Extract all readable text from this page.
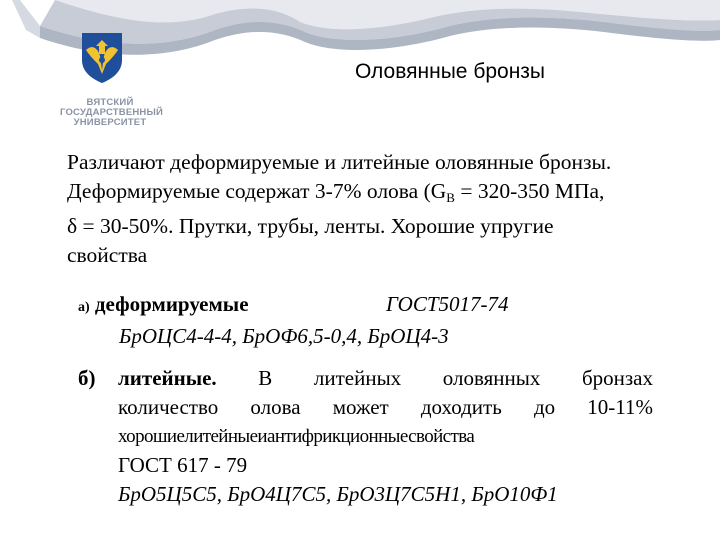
ВЯТСКИЙ
ГОСУДАРСТВЕННЫЙ
УНИВЕРСИТЕТ
Оловянные бронзы
Различают деформируемые и литейные оловянные бронзы.
Деформируемые содержат 3-7% олова ($G_B = 320-350$ МПа,
δ = 30-50%. Прутки, трубы, ленты. Хорошие упругие
свойства
а) деформируемые	ГОСТ5017-74
БрОЦС4-4-4, БрОФ6,5-0,4, БрОЦ4-3
б) литейные. В литейных оловянных бронзах
количество олова может доходить до 10-11%
хорошиелитейныеиантифрикционныесвойства
ГОСТ 617 - 79
БрО5Ц5С5, БрО4Ц7С5, БрО3Ц7С5Н1, БрО10Ф1
